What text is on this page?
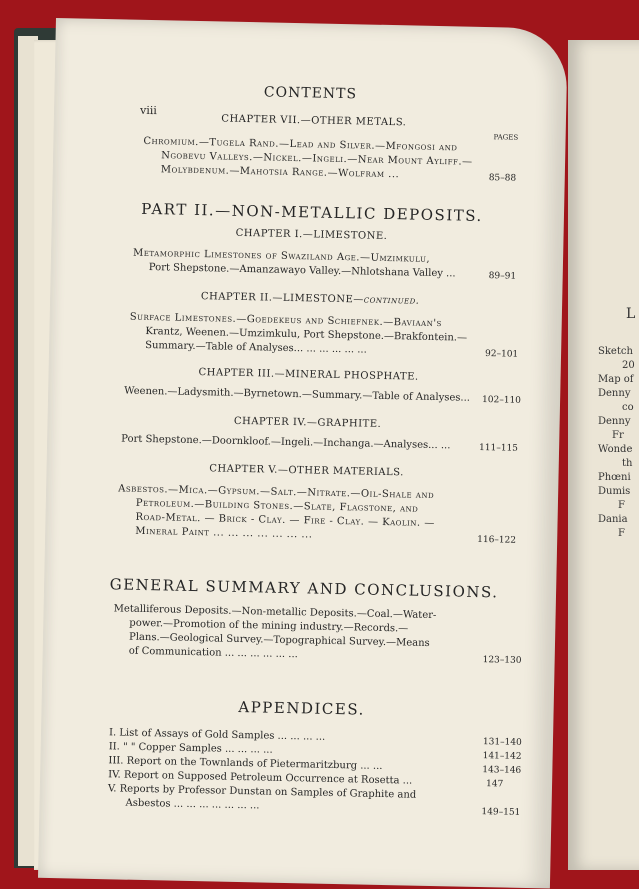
L
Sketch
20
Map of
Denny
co
Denny
Fr
Wonde
th
Phœni
Dumis
F
Dania
F
viii
CONTENTS
CHAPTER VII.—OTHER METALS.
PAGES
Chromium.—Tugela Rand.—Lead and Silver.—Mfongosi and
Ngobevu Valleys.—Nickel.—Ingeli.—Near Mount Ayliff.—
Molybdenum.—Mahotsia Range.—Wolfram ...	85–88
PART II.—NON-METALLIC DEPOSITS.
CHAPTER I.—LIMESTONE.
Metamorphic Limestones of Swaziland Age.—Umzimkulu,
Port Shepstone.—Amanzawayo Valley.—Nhlotshana Valley ...	89–91
CHAPTER II.—LIMESTONE—continued.
Surface Limestones.—Goedekeus and Schiefnek.—Baviaan's
Krantz, Weenen.—Umzimkulu, Port Shepstone.—Brakfontein.—
Summary.—Table of Analyses... ... ... ... ... ...	92–101
CHAPTER III.—MINERAL PHOSPHATE.
Weenen.—Ladysmith.—Byrnetown.—Summary.—Table of Analyses... 102–110
CHAPTER IV.—GRAPHITE.
Port Shepstone.—Doornkloof.—Ingeli.—Inchanga.—Analyses... ...	111–115
CHAPTER V.—OTHER MATERIALS.
Asbestos.—Mica.—Gypsum.—Salt.—Nitrate.—Oil-Shale and
Petroleum.—Building Stones.—Slate, Flagstone, and
Road-Metal. — Brick - Clay. — Fire - Clay. — Kaolin. —
Mineral Paint ... ... ... ... ... ... ...	116–122
GENERAL SUMMARY AND CONCLUSIONS.
Metalliferous Deposits.—Non-metallic Deposits.—Coal.—Water-
power.—Promotion of the mining industry.—Records.—
Plans.—Geological Survey.—Topographical Survey.—Means
of Communication ... ... ... ... ... ...
123–130
APPENDICES.
I. List of Assays of Gold Samples ... ... ... ...	131–140
II. " " Copper Samples ... ... ... ...
141–142
III. Report on the Townlands of Pietermaritzburg ... ...	143–146
IV. Report on Supposed Petroleum Occurrence at Rosetta ...	147
V. Reports by Professor Dunstan on Samples of Graphite and
Asbestos ... ... ... ... ... ... ...
149–151
